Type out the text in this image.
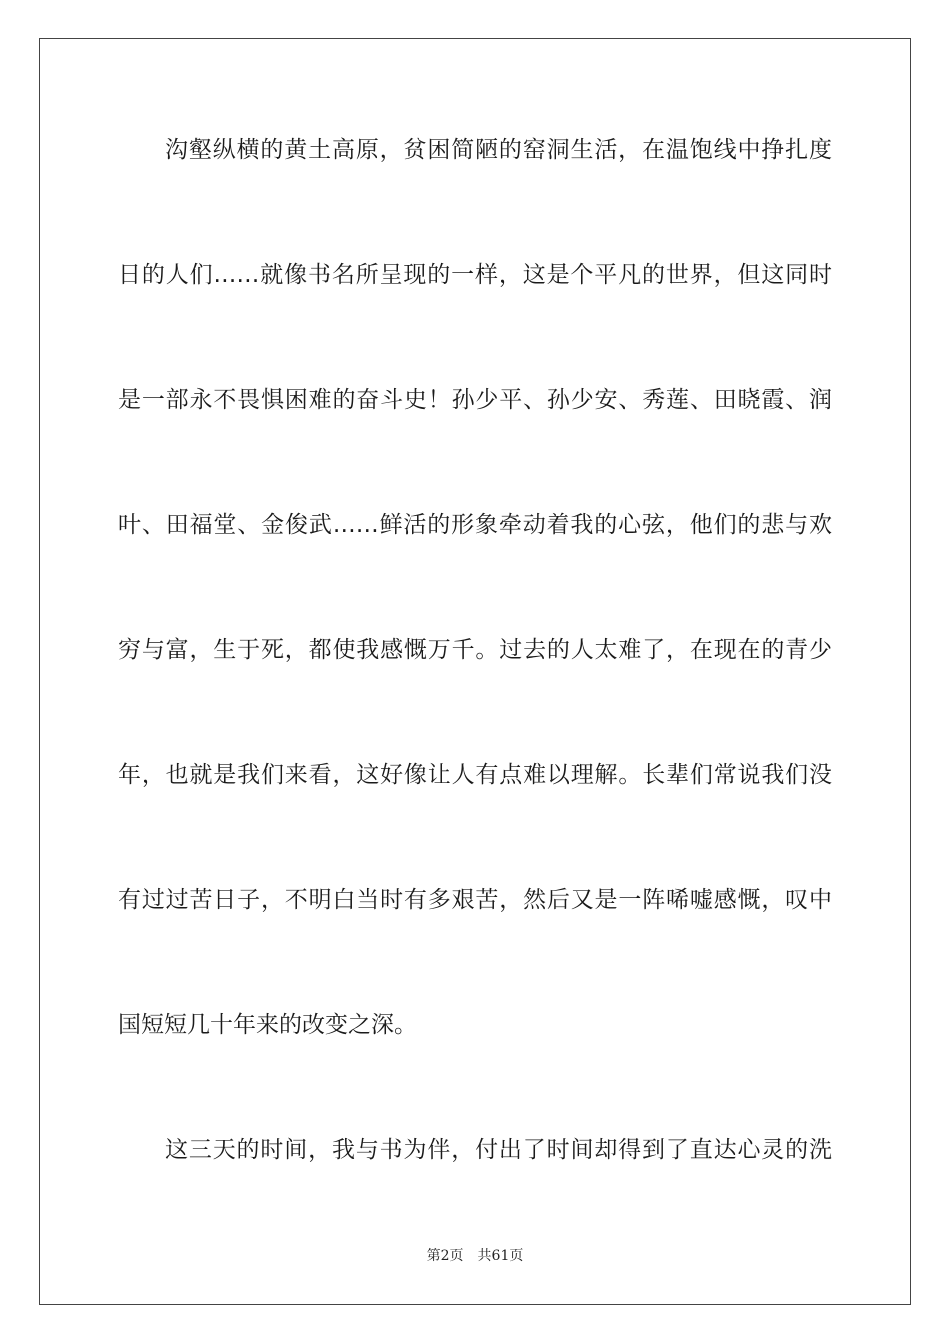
沟壑纵横的黄土高原，贫困简陋的窑洞生活，在温饱线中挣扎度
日的人们……就像书名所呈现的一样，这是个平凡的世界，但这同时
是一部永不畏惧困难的奋斗史！孙少平、孙少安、秀莲、田晓霞、润
叶、田福堂、金俊武……鲜活的形象牵动着我的心弦，他们的悲与欢
穷与富，生于死，都使我感慨万千。过去的人太难了，在现在的青少
年，也就是我们来看，这好像让人有点难以理解。长辈们常说我们没
有过过苦日子，不明白当时有多艰苦，然后又是一阵唏嘘感慨，叹中
国短短几十年来的改变之深。
这三天的时间，我与书为伴，付出了时间却得到了直达心灵的洗
第2页 共61页
